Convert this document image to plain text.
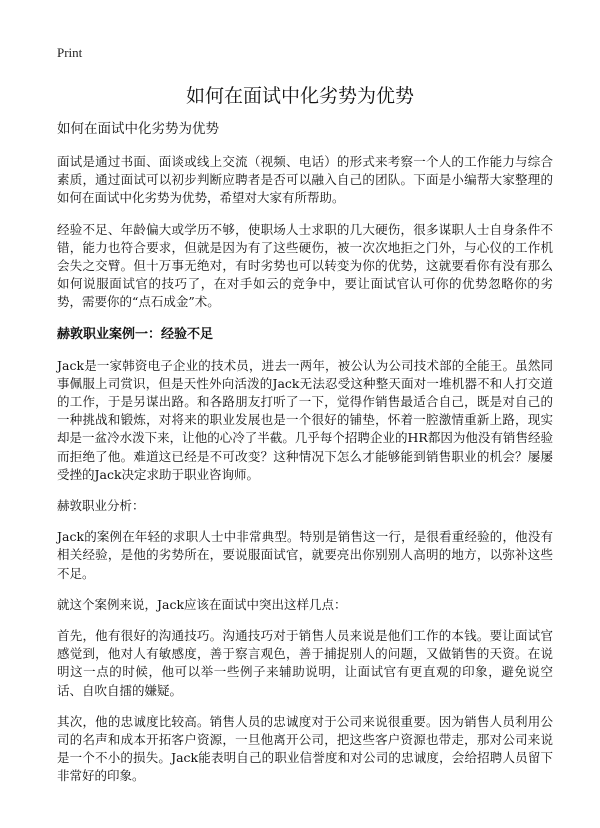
Print
如何在面试中化劣势为优势
如何在面试中化劣势为优势

面试是通过书面、面谈或线上交流（视频、电话）的形式来考察一个人的工作能力与综合素质，通过面试可以初步判断应聘者是否可以融入自己的团队。下面是小编帮大家整理的如何在面试中化劣势为优势，希望对大家有所帮助。

经验不足、年龄偏大或学历不够，使职场人士求职的几大硬伤，很多谋职人士自身条件不错，能力也符合要求，但就是因为有了这些硬伤，被一次次地拒之门外，与心仪的工作机会失之交臂。但十万事无绝对，有时劣势也可以转变为你的优势，这就要看你有没有那么如何说服面试官的技巧了，在对手如云的竞争中，要让面试官认可你的优势忽略你的劣势，需要你的“点石成金”术。

赫敦职业案例一：经验不足

Jack是一家韩资电子企业的技术员，进去一两年，被公认为公司技术部的全能王。虽然同事佩服上司赏识，但是天性外向活泼的Jack无法忍受这种整天面对一堆机器不和人打交道的工作，于是另谋出路。和各路朋友打听了一下，觉得作销售最适合自己，既是对自己的一种挑战和锻炼，对将来的职业发展也是一个很好的铺垫，怀着一腔激情重新上路，现实却是一盆冷水泼下来，让他的心冷了半截。几乎每个招聘企业的HR都因为他没有销售经验而拒绝了他。难道这已经是不可改变？这种情况下怎么才能够能到销售职业的机会？屡屡受挫的Jack决定求助于职业咨询师。

赫敦职业分析：

Jack的案例在年轻的求职人士中非常典型。特别是销售这一行，是很看重经验的，他没有相关经验，是他的劣势所在，要说服面试官，就要亮出你别别人高明的地方，以弥补这些不足。

就这个案例来说，Jack应该在面试中突出这样几点：

首先，他有很好的沟通技巧。沟通技巧对于销售人员来说是他们工作的本钱。要让面试官感觉到，他对人有敏感度，善于察言观色，善于捕捉别人的问题，又做销售的天资。在说明这一点的时候，他可以举一些例子来辅助说明，让面试官有更直观的印象，避免说空话、自吹自擂的嫌疑。

其次，他的忠诚度比较高。销售人员的忠诚度对于公司来说很重要。因为销售人员利用公司的名声和成本开拓客户资源，一旦他离开公司，把这些客户资源也带走，那对公司来说是一个不小的损失。Jack能表明自己的职业信誉度和对公司的忠诚度，会给招聘人员留下非常好的印象。
